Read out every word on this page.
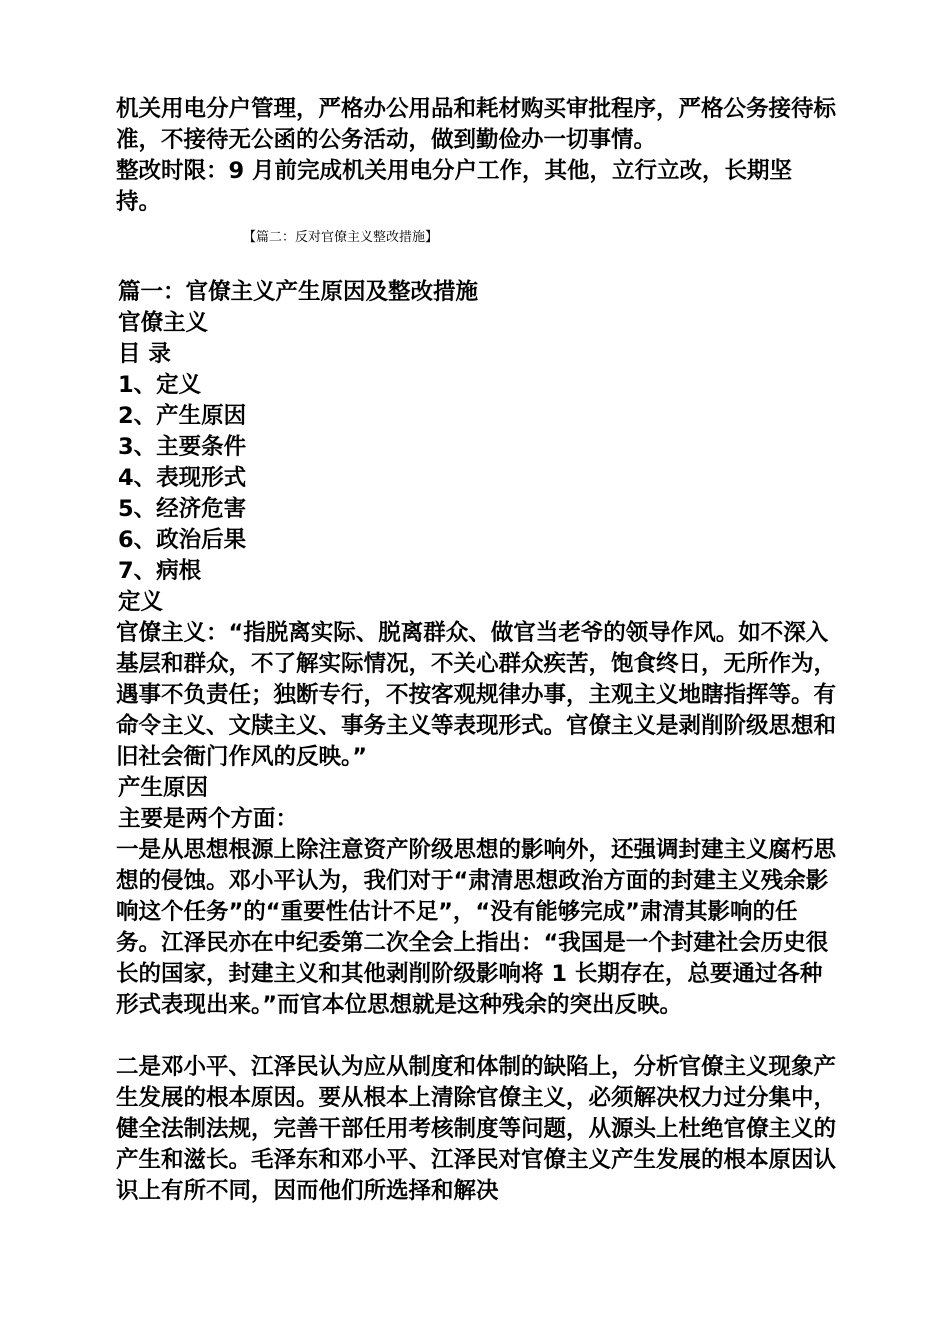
机关用电分户管理，严格办公用品和耗材购买审批程序，严格公务接待标准，不接待无公函的公务活动，做到勤俭办一切事情。

整改时限：9 月前完成机关用电分户工作，其他，立行立改，长期坚持。

【篇二：反对官僚主义整改措施】
篇一：官僚主义产生原因及整改措施
官僚主义
目 录
1、定义
2、产生原因
3、主要条件
4、表现形式
5、经济危害
6、政治后果
7、病根
定义

官僚主义：“指脱离实际、脱离群众、做官当老爷的领导作风。如不深入基层和群众，不了解实际情况，不关心群众疾苦，饱食终日，无所作为，遇事不负责任；独断专行，不按客观规律办事，主观主义地瞎指挥等。有命令主义、文牍主义、事务主义等表现形式。官僚主义是剥削阶级思想和旧社会衙门作风的反映。”

产生原因
主要是两个方面：

一是从思想根源上除注意资产阶级思想的影响外，还强调封建主义腐朽思想的侵蚀。邓小平认为，我们对于“肃清思想政治方面的封建主义残余影响这个任务”的“重要性估计不足”，“没有能够完成”肃清其影响的任务。江泽民亦在中纪委第二次全会上指出：“我国是一个封建社会历史很长的国家，封建主义和其他剥削阶级影响将 1 长期存在，总要通过各种形式表现出来。”而官本位思想就是这种残余的突出反映。

二是邓小平、江泽民认为应从制度和体制的缺陷上，分析官僚主义现象产生发展的根本原因。要从根本上清除官僚主义，必须解决权力过分集中，健全法制法规，完善干部任用考核制度等问题，从源头上杜绝官僚主义的产生和滋长。毛泽东和邓小平、江泽民对官僚主义产生发展的根本原因认识上有所不同，因而他们所选择和解决
